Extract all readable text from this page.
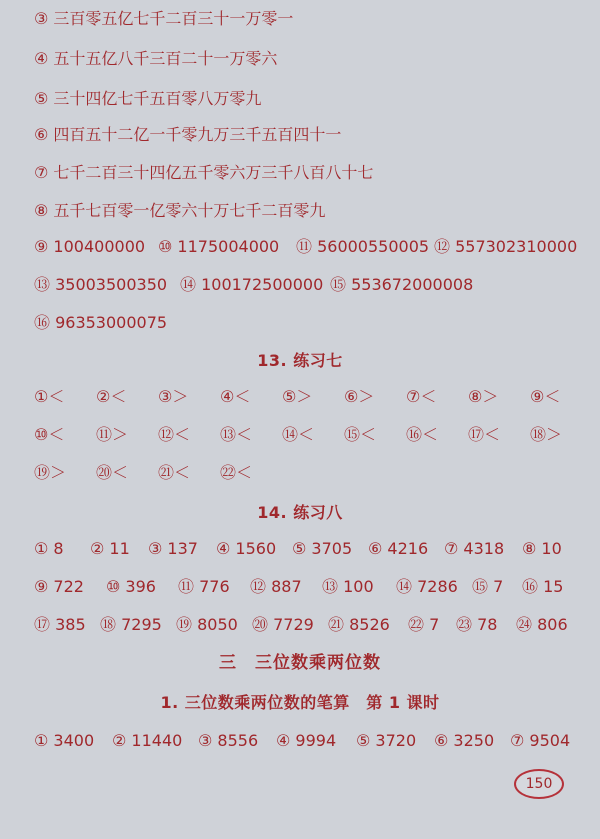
③ 三百零五亿七千二百三十一万零一
④ 五十五亿八千三百二十一万零六
⑤ 三十四亿七千五百零八万零九
⑥ 四百五十二亿一千零九万三千五百四十一
⑦ 七千二百三十四亿五千零六万三千八百八十七
⑧ 五千七百零一亿零六十万七千二百零九
⑨ 100400000 ⑩ 1175004000 ⑪ 56000550005 ⑫ 557302310000
⑬ 35003500350 ⑭ 100172500000 ⑮ 553672000008
⑯ 96353000075
13. 练习七
①＜ ②＜ ③＞ ④＜ ⑤＞ ⑥＞ ⑦＜ ⑧＞ ⑨＜
⑩＜ ⑪＞ ⑫＜ ⑬＜ ⑭＜ ⑮＜ ⑯＜ ⑰＜ ⑱＞
⑲＞ ⑳＜ ㉑＜ ㉒＜
14. 练习八
① 8 ② 11 ③ 137 ④ 1560 ⑤ 3705 ⑥ 4216 ⑦ 4318 ⑧ 10
⑨ 722 ⑩ 396 ⑪ 776 ⑫ 887 ⑬ 100 ⑭ 7286 ⑮ 7 ⑯ 15
⑰ 385 ⑱ 7295 ⑲ 8050 ⑳ 7729 ㉑ 8526 ㉒ 7 ㉓ 78 ㉔ 806
三　三位数乘两位数
1. 三位数乘两位数的笔算　第 1 课时
① 3400 ② 11440 ③ 8556 ④ 9994 ⑤ 3720 ⑥ 3250 ⑦ 9504
150
